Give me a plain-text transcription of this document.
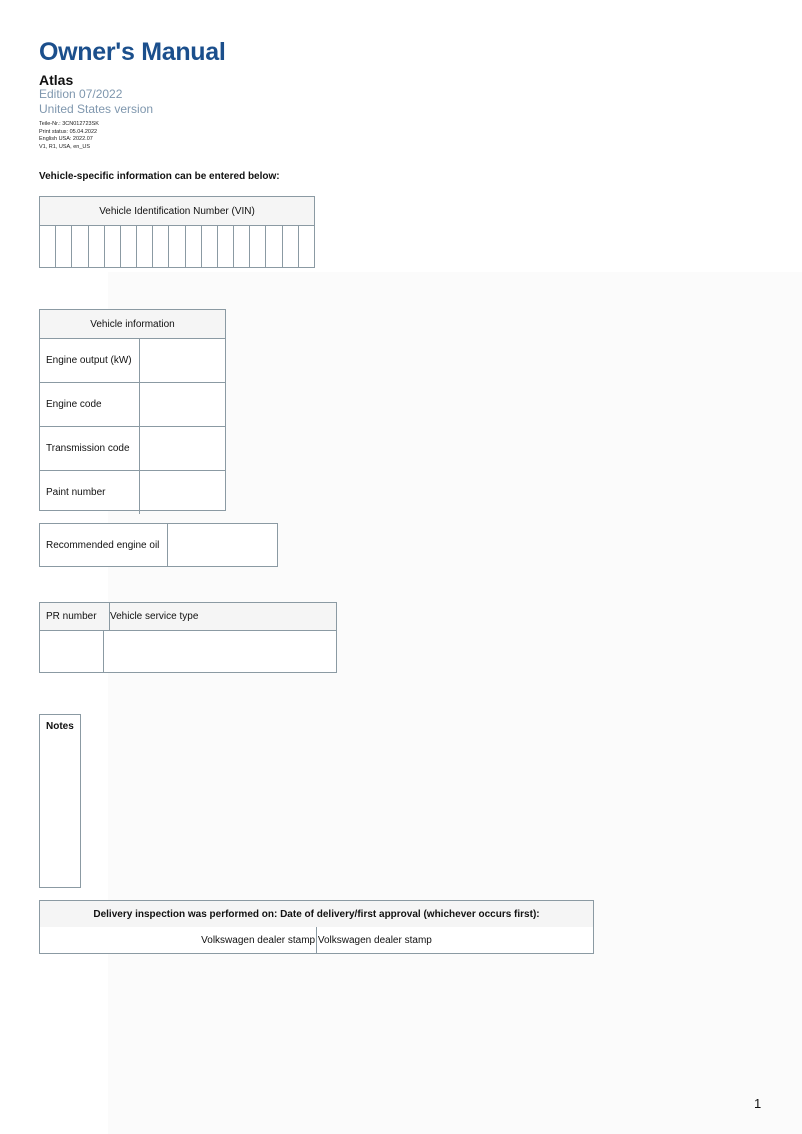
Owner's Manual
Atlas
Edition 07/2022
United States version
Teile-Nr.: 3CN012723SK
Print status: 05.04.2022
English USA: 2022.07
V1, R1, USA, en_US
Vehicle-specific information can be entered below:
Vehicle Identification Number (VIN)
Vehicle information
Engine output (kW)
Engine code
Transmission code
Paint number
Recommended engine oil
PR number	Vehicle service type
Notes
Delivery inspection was performed on: Date of delivery/first approval (whichever occurs first):
Volkswagen dealer stamp Volkswagen dealer stamp
1
